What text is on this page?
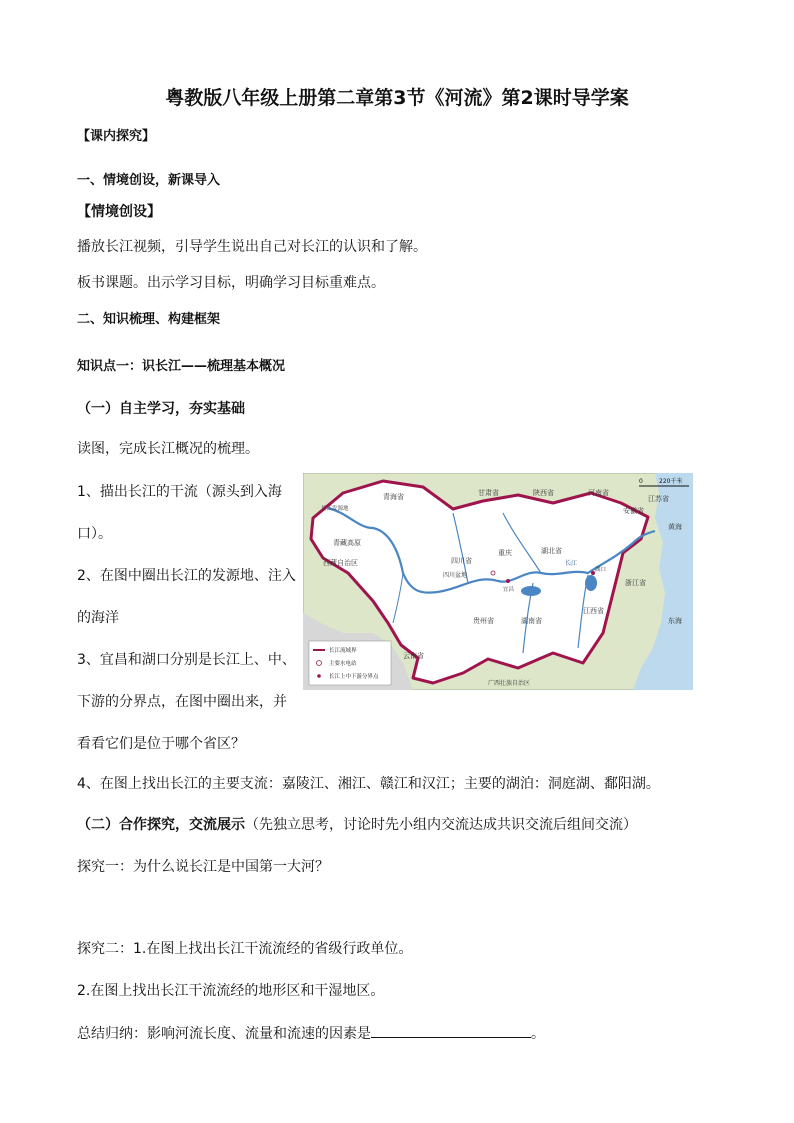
粤教版八年级上册第二章第3节《河流》第2课时导学案
【课内探究】
一、情境创设，新课导入
【情境创设】
播放长江视频，引导学生说出自己对长江的认识和了解。
板书课题。出示学习目标，明确学习目标重难点。
二、知识梳理、构建框架
知识点一：识长江——梳理基本概况
（一）自主学习，夯实基础
读图，完成长江概况的梳理。
1、描出长江的干流（源头到入海
口）。
2、在图中圈出长江的发源地、注入
的海洋
3、宜昌和湖口分别是长江上、中、
下游的分界点，在图中圈出来，并
看看它们是位于哪个省区？
4、在图上找出长江的主要支流：嘉陵江、湘江、赣江和汉江；主要的湖泊：洞庭湖、鄱阳湖。
（二）合作探究，交流展示（先独立思考，讨论时先小组内交流达成共识交流后组间交流）
探究一：为什么说长江是中国第一大河？
探究二：1.在图上找出长江干流流经的省级行政单位。
2.在图上找出长江干流流经的地形区和干湿地区。
总结归纳：影响河流长度、流量和流速的因素是	。
0	220千米
长江发源地
青海省	甘肃省	陕西省	河南省
安徽省
江苏省
青藏高原
西藏自治区	四川省
四川盆地
重庆	湖北省
湖南省
江西省
浙江省
贵州省
云南省
广西壮族自治区
黄海
东海
长江
宜昌
湖口
长江流域界
主要水电站
长江上中下游分界点
